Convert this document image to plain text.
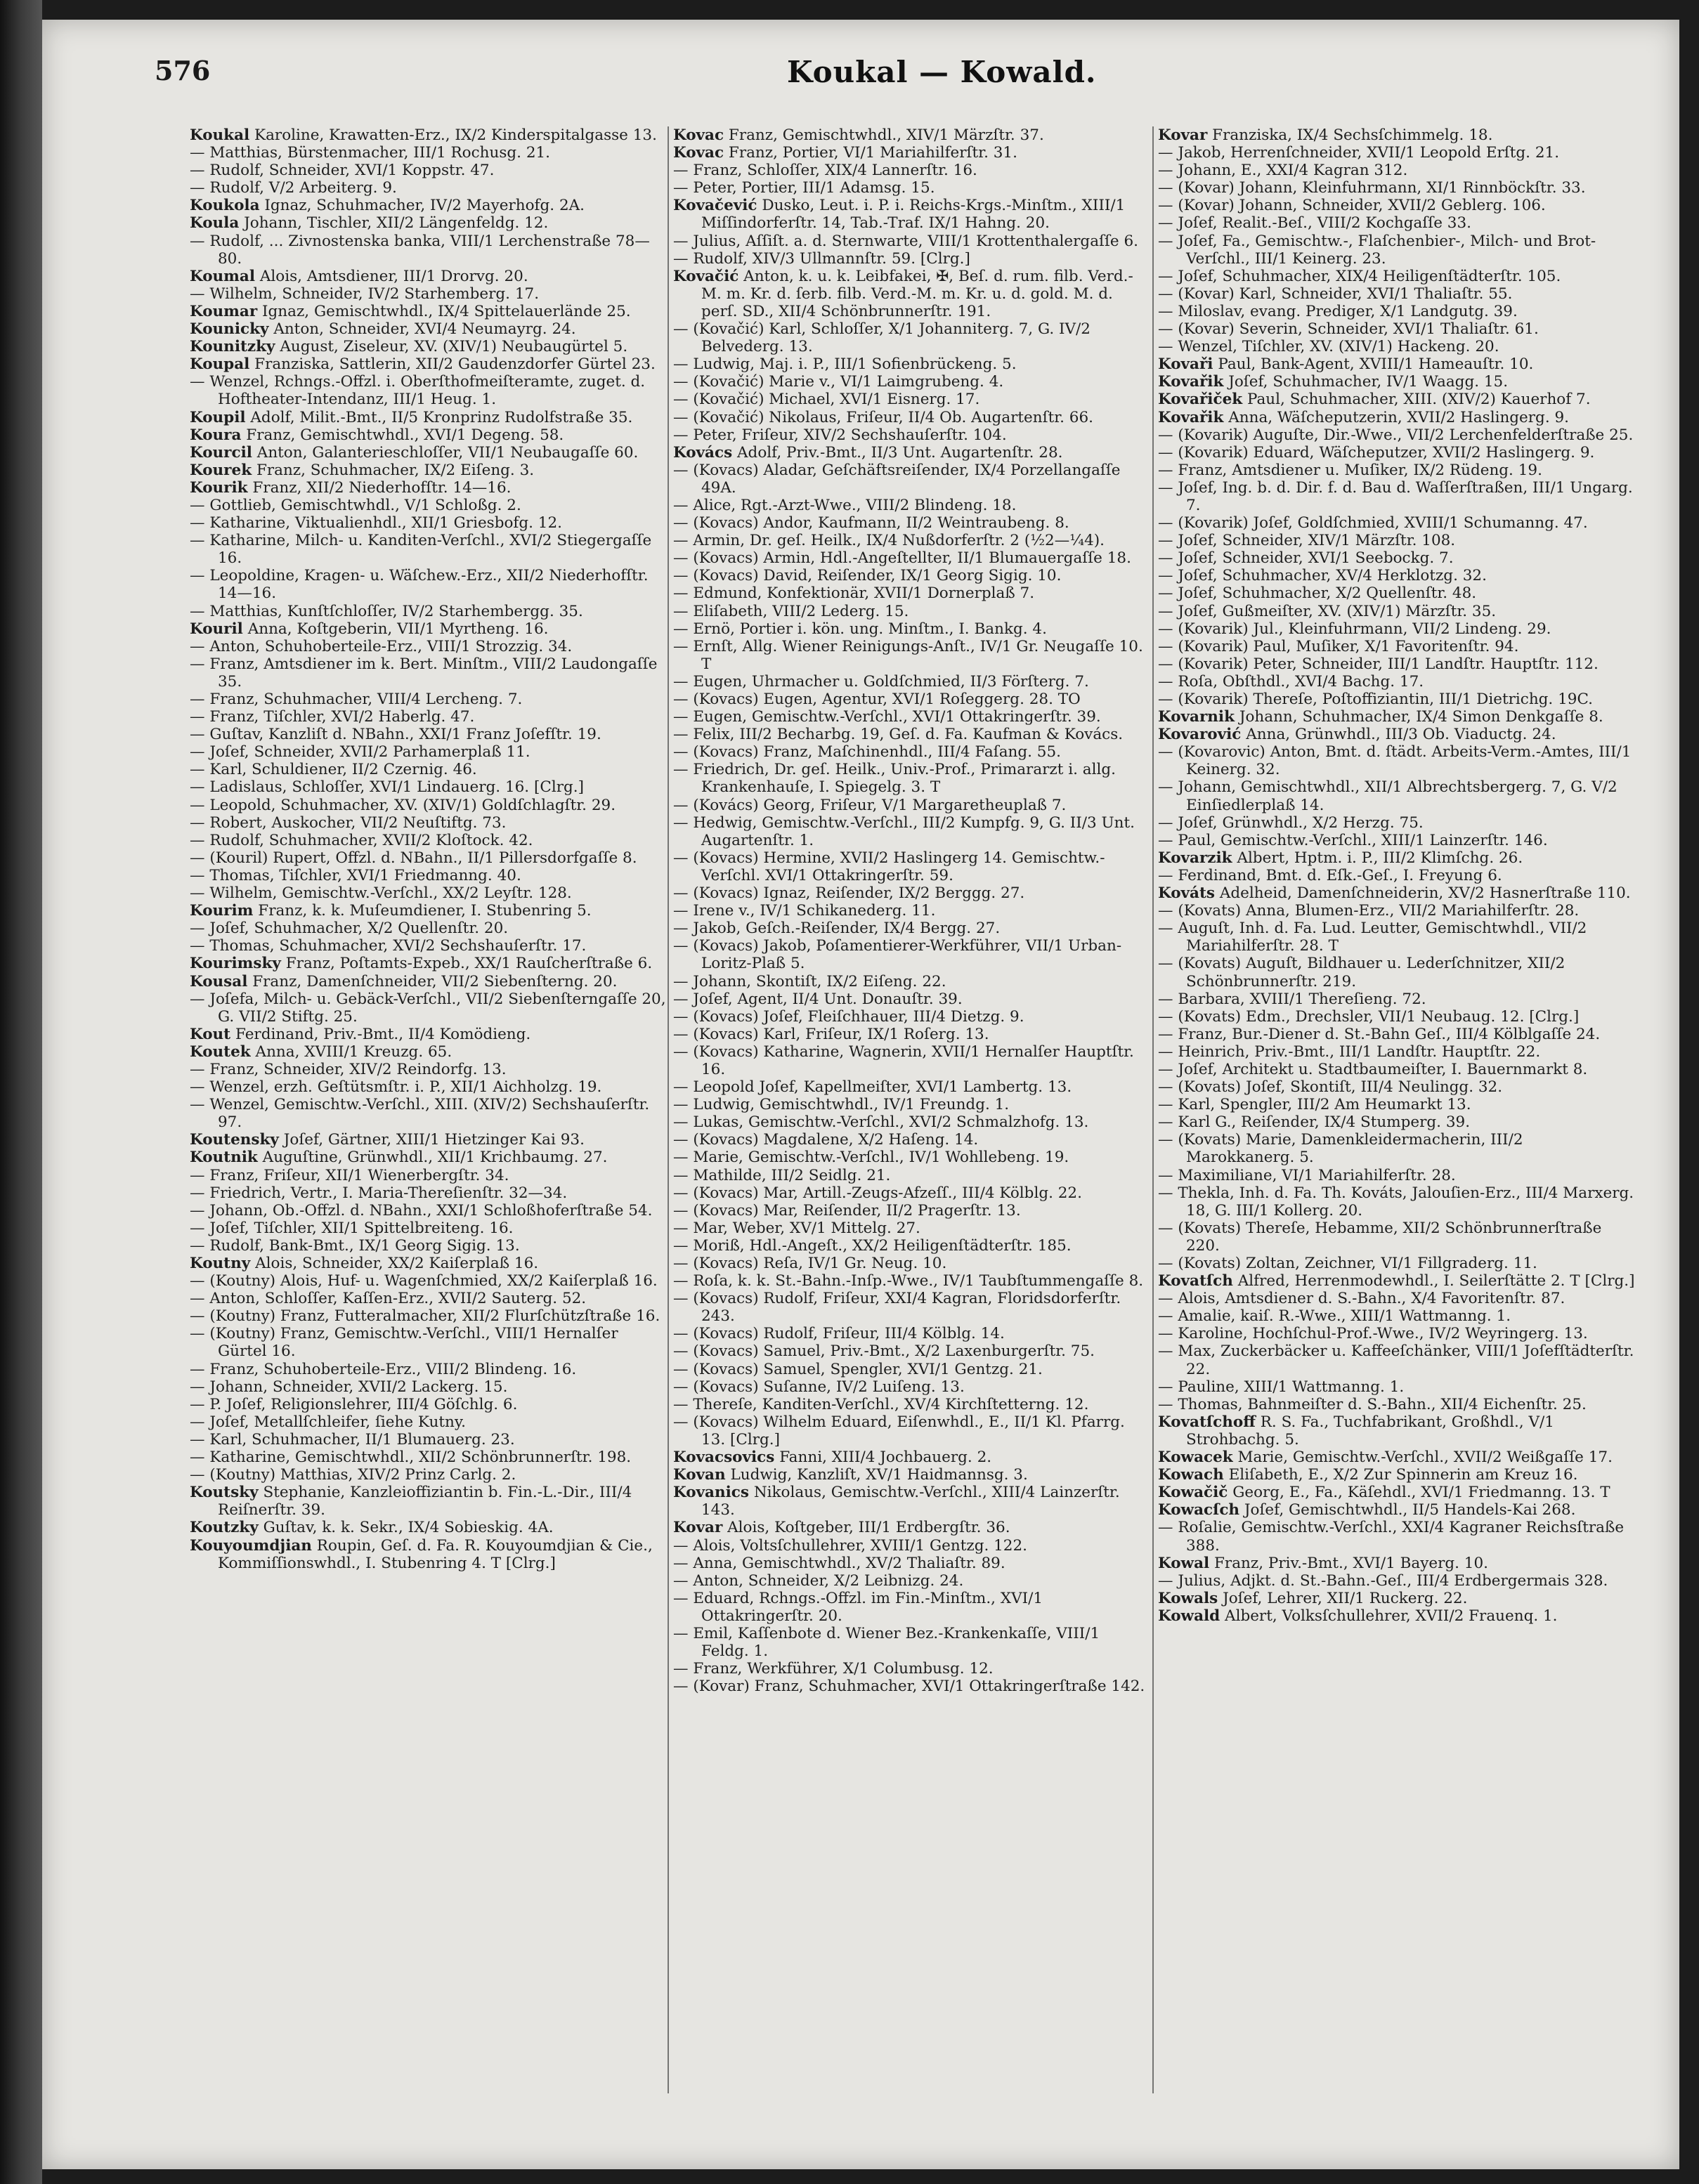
576	Koukal — Kowald.

Koukal Karoline, Krawatten-Erz., IX/2 Kinderspitalgasse 13.

— Matthias, Bürstenmacher, III/1 Rochusg. 21.

— Rudolf, Schneider, XVI/1 Koppstr. 47.

— Rudolf, V/2 Arbeiterg. 9.

Koukola Ignaz, Schuhmacher, IV/2 Mayerhofg. 2A.

Koula Johann, Tischler, XII/2 Längenfeldg. 12.

— Rudolf, ... Zivnostenska banka, VIII/1 Lerchenstraße 78—80.

Koumal Alois, Amtsdiener, III/1 Drorvg. 20.

— Wilhelm, Schneider, IV/2 Starhemberg. 17.

Koumar Ignaz, Gemischtwhdl., IX/4 Spittelauerlände 25.

Kounicky Anton, Schneider, XVI/4 Neumayrg. 24.

Kounitzky August, Ziseleur, XV. (XIV/1) Neubaugürtel 5.

Koupal Franziska, Sattlerin, XII/2 Gaudenzdorfer Gürtel 23.

— Wenzel, Rchngs.-Offzl. i. Oberſthofmeiſteramte, zuget. d. Hoftheater-Intendanz, III/1 Heug. 1.

Koupil Adolf, Milit.-Bmt., II/5 Kronprinz Rudolfstraße 35.

Koura Franz, Gemischtwhdl., XVI/1 Degeng. 58.

Kourcil Anton, Galanterieschloſſer, VII/1 Neubaugaſſe 60.

Kourek Franz, Schuhmacher, IX/2 Eiſeng. 3.

Kourik Franz, XII/2 Niederhofſtr. 14—16.

— Gottlieb, Gemischtwhdl., V/1 Schloßg. 2.

— Katharine, Viktualienhdl., XII/1 Griesbofg. 12.

— Katharine, Milch- u. Kanditen-Verſchl., XVI/2 Stiegergaſſe 16.

— Leopoldine, Kragen- u. Wäſchew.-Erz., XII/2 Niederhofſtr. 14—16.

— Matthias, Kunſtſchloſſer, IV/2 Starhembergg. 35.

Kouril Anna, Koſtgeberin, VII/1 Myrtheng. 16.

— Anton, Schuhoberteile-Erz., VIII/1 Strozzig. 34.

— Franz, Amtsdiener im k. Bert. Minſtm., VIII/2 Laudongaſſe 35.

— Franz, Schuhmacher, VIII/4 Lercheng. 7.

— Franz, Tiſchler, XVI/2 Haberlg. 47.

— Guſtav, Kanzliſt d. NBahn., XXI/1 Franz Joſefſtr. 19.

— Joſef, Schneider, XVII/2 Parhamerplaß 11.

— Karl, Schuldiener, II/2 Czernig. 46.

— Ladislaus, Schloſſer, XVI/1 Lindauerg. 16. [Clrg.]

— Leopold, Schuhmacher, XV. (XIV/1) Goldſchlagſtr. 29.

— Robert, Auskocher, VII/2 Neuſtiftg. 73.

— Rudolf, Schuhmacher, XVII/2 Kloſtock. 42.

— (Kouril) Rupert, Offzl. d. NBahn., II/1 Pillersdorfgaſſe 8.

— Thomas, Tiſchler, XVI/1 Friedmanng. 40.

— Wilhelm, Gemischtw.-Verſchl., XX/2 Leyſtr. 128.

Kourim Franz, k. k. Muſeumdiener, I. Stubenring 5.

— Joſef, Schuhmacher, X/2 Quellenſtr. 20.

— Thomas, Schuhmacher, XVI/2 Sechshauſerſtr. 17.

Kourimsky Franz, Poſtamts-Expeb., XX/1 Rauſcherſtraße 6.

Kousal Franz, Damenſchneider, VII/2 Siebenſterng. 20.

— Joſefa, Milch- u. Gebäck-Verſchl., VII/2 Siebenſterngaſſe 20, G. VII/2 Stiftg. 25.

Kout Ferdinand, Priv.-Bmt., II/4 Komödieng.

Koutek Anna, XVIII/1 Kreuzg. 65.

— Franz, Schneider, XIV/2 Reindorfg. 13.

— Wenzel, erzh. Geſtütsmſtr. i. P., XII/1 Aichholzg. 19.

— Wenzel, Gemischtw.-Verſchl., XIII. (XIV/2) Sechshauſerſtr. 97.

Koutensky Joſef, Gärtner, XIII/1 Hietzinger Kai 93.

Koutnik Auguſtine, Grünwhdl., XII/1 Krichbaumg. 27.

— Franz, Friſeur, XII/1 Wienerbergſtr. 34.

— Friedrich, Vertr., I. Maria-Thereſienſtr. 32—34.

— Johann, Ob.-Offzl. d. NBahn., XXI/1 Schloßhoferſtraße 54.

— Joſef, Tiſchler, XII/1 Spittelbreiteng. 16.

— Rudolf, Bank-Bmt., IX/1 Georg Sigig. 13.

Koutny Alois, Schneider, XX/2 Kaiſerplaß 16.

— (Koutny) Alois, Huf- u. Wagenſchmied, XX/2 Kaiſerplaß 16.

— Anton, Schloſſer, Kaſſen-Erz., XVII/2 Sauterg. 52.

— (Koutny) Franz, Futteralmacher, XII/2 Flurſchützſtraße 16.

— (Koutny) Franz, Gemischtw.-Verſchl., VIII/1 Hernalſer Gürtel 16.

— Franz, Schuhoberteile-Erz., VIII/2 Blindeng. 16.

— Johann, Schneider, XVII/2 Lackerg. 15.

— P. Joſef, Religionslehrer, III/4 Göſchlg. 6.

— Joſef, Metallſchleifer, ſiehe Kutny.

— Karl, Schuhmacher, II/1 Blumauerg. 23.

— Katharine, Gemischtwhdl., XII/2 Schönbrunnerſtr. 198.

— (Koutny) Matthias, XIV/2 Prinz Carlg. 2.

Koutsky Stephanie, Kanzleioffiziantin b. Fin.-L.-Dir., III/4 Reiſnerſtr. 39.

Koutzky Guſtav, k. k. Sekr., IX/4 Sobieskig. 4A.

Kouyoumdjian Roupin, Geſ. d. Fa. R. Kouyoumdjian & Cie., Kommiſſionswhdl., I. Stubenring 4. T [Clrg.]

Kovac Franz, Gemischtwhdl., XIV/1 Märzſtr. 37.

Kovac Franz, Portier, VI/1 Mariahilferſtr. 31.

— Franz, Schloſſer, XIX/4 Lannerſtr. 16.

— Peter, Portier, III/1 Adamsg. 15.

Kovačević Dusko, Leut. i. P. i. Reichs-Krgs.-Minſtm., XIII/1 Miſſindorferſtr. 14, Tab.-Traf. IX/1 Hahng. 20.

— Julius, Aſſiſt. a. d. Sternwarte, VIII/1 Krottenthalergaſſe 6.

— Rudolf, XIV/3 Ullmannſtr. 59. [Clrg.]

Kovačić Anton, k. u. k. Leibfakei, ✠, Beſ. d. rum. filb. Verd.-M. m. Kr. d. ſerb. filb. Verd.-M. m. Kr. u. d. gold. M. d. perſ. SD., XII/4 Schönbrunnerſtr. 191.

— (Kovačić) Karl, Schloſſer, X/1 Johanniterg. 7, G. IV/2 Belvederg. 13.

— Ludwig, Maj. i. P., III/1 Sofienbrückeng. 5.

— (Kovačić) Marie v., VI/1 Laimgrubeng. 4.

— (Kovačić) Michael, XVI/1 Eisnerg. 17.

— (Kovačić) Nikolaus, Friſeur, II/4 Ob. Augartenſtr. 66.

— Peter, Friſeur, XIV/2 Sechshauſerſtr. 104.

Kovács Adolf, Priv.-Bmt., II/3 Unt. Augartenſtr. 28.

— (Kovacs) Aladar, Geſchäftsreiſender, IX/4 Porzellangaſſe 49A.

— Alice, Rgt.-Arzt-Wwe., VIII/2 Blindeng. 18.

— (Kovacs) Andor, Kaufmann, II/2 Weintraubeng. 8.

— Armin, Dr. geſ. Heilk., IX/4 Nußdorferſtr. 2 (½2—¼4).

— (Kovacs) Armin, Hdl.-Angeſtellter, II/1 Blumauergaſſe 18.

— (Kovacs) David, Reiſender, IX/1 Georg Sigig. 10.

— Edmund, Konfektionär, XVII/1 Dornerplaß 7.

— Eliſabeth, VIII/2 Lederg. 15.

— Ernö, Portier i. kön. ung. Minſtm., I. Bankg. 4.

— Ernſt, Allg. Wiener Reinigungs-Anſt., IV/1 Gr. Neugaſſe 10. T

— Eugen, Uhrmacher u. Goldſchmied, II/3 Förſterg. 7.

— (Kovacs) Eugen, Agentur, XVI/1 Roſeggerg. 28. TO

— Eugen, Gemischtw.-Verſchl., XVI/1 Ottakringerſtr. 39.

— Felix, III/2 Becharbg. 19, Geſ. d. Fa. Kaufman & Kovács.

— (Kovacs) Franz, Maſchinenhdl., III/4 Faſang. 55.

— Friedrich, Dr. geſ. Heilk., Univ.-Prof., Primararzt i. allg. Krankenhauſe, I. Spiegelg. 3. T

— (Kovács) Georg, Friſeur, V/1 Margaretheuplaß 7.

— Hedwig, Gemischtw.-Verſchl., III/2 Kumpfg. 9, G. II/3 Unt. Augartenſtr. 1.

— (Kovacs) Hermine, XVII/2 Haslingerg 14. Gemischtw.-Verſchl. XVI/1 Ottakringerſtr. 59.

— (Kovacs) Ignaz, Reiſender, IX/2 Berggg. 27.

— Irene v., IV/1 Schikanederg. 11.

— Jakob, Geſch.-Reiſender, IX/4 Bergg. 27.

— (Kovacs) Jakob, Poſamentierer-Werkführer, VII/1 Urban-Loritz-Plaß 5.

— Johann, Skontiſt, IX/2 Eiſeng. 22.

— Joſef, Agent, II/4 Unt. Donauſtr. 39.

— (Kovacs) Joſef, Fleiſchhauer, III/4 Dietzg. 9.

— (Kovacs) Karl, Friſeur, IX/1 Roſerg. 13.

— (Kovacs) Katharine, Wagnerin, XVII/1 Hernalſer Hauptſtr. 16.

— Leopold Joſef, Kapellmeiſter, XVI/1 Lambertg. 13.

— Ludwig, Gemischtwhdl., IV/1 Freundg. 1.

— Lukas, Gemischtw.-Verſchl., XVI/2 Schmalzhofg. 13.

— (Kovacs) Magdalene, X/2 Haſeng. 14.

— Marie, Gemischtw.-Verſchl., IV/1 Wohllebeng. 19.

— Mathilde, III/2 Seidlg. 21.

— (Kovacs) Mar, Artill.-Zeugs-Afzeſſ., III/4 Kölblg. 22.

— (Kovacs) Mar, Reiſender, II/2 Pragerſtr. 13.

— Mar, Weber, XV/1 Mittelg. 27.

— Moriß, Hdl.-Angeſt., XX/2 Heiligenſtädterſtr. 185.

— (Kovacs) Reſa, IV/1 Gr. Neug. 10.

— Roſa, k. k. St.-Bahn.-Inſp.-Wwe., IV/1 Taubſtummengaſſe 8.

— (Kovacs) Rudolf, Friſeur, XXI/4 Kagran, Floridsdorferſtr. 243.

— (Kovacs) Rudolf, Friſeur, III/4 Kölblg. 14.

— (Kovacs) Samuel, Priv.-Bmt., X/2 Laxenburgerſtr. 75.

— (Kovacs) Samuel, Spengler, XVI/1 Gentzg. 21.

— (Kovacs) Suſanne, IV/2 Luiſeng. 13.

— Thereſe, Kanditen-Verſchl., XV/4 Kirchſtetterng. 12.

— (Kovacs) Wilhelm Eduard, Eiſenwhdl., E., II/1 Kl. Pfarrg. 13. [Clrg.]

Kovacsovics Fanni, XIII/4 Jochbauerg. 2.

Kovan Ludwig, Kanzliſt, XV/1 Haidmannsg. 3.

Kovanics Nikolaus, Gemischtw.-Verſchl., XIII/4 Lainzerſtr. 143.

Kovar Alois, Koſtgeber, III/1 Erdbergſtr. 36.

— Alois, Voltsſchullehrer, XVIII/1 Gentzg. 122.

— Anna, Gemischtwhdl., XV/2 Thaliaſtr. 89.

— Anton, Schneider, X/2 Leibnizg. 24.

— Eduard, Rchngs.-Offzl. im Fin.-Minſtm., XVI/1 Ottakringerſtr. 20.

— Emil, Kaſſenbote d. Wiener Bez.-Krankenkaſſe, VIII/1 Feldg. 1.

— Franz, Werkführer, X/1 Columbusg. 12.

— (Kovar) Franz, Schuhmacher, XVI/1 Ottakringerſtraße 142.

Kovar Franziska, IX/4 Sechsſchimmelg. 18.

— Jakob, Herrenſchneider, XVII/1 Leopold Erſtg. 21.

— Johann, E., XXI/4 Kagran 312.

— (Kovar) Johann, Kleinfuhrmann, XI/1 Rinnböckſtr. 33.

— (Kovar) Johann, Schneider, XVII/2 Geblerg. 106.

— Joſef, Realit.-Beſ., VIII/2 Kochgaſſe 33.

— Joſef, Fa., Gemischtw.-, Flaſchenbier-, Milch- und Brot-Verſchl., III/1 Keinerg. 23.

— Joſef, Schuhmacher, XIX/4 Heiligenſtädterſtr. 105.

— (Kovar) Karl, Schneider, XVI/1 Thaliaſtr. 55.

— Miloslav, evang. Prediger, X/1 Landgutg. 39.

— (Kovar) Severin, Schneider, XVI/1 Thaliaſtr. 61.

— Wenzel, Tiſchler, XV. (XIV/1) Hackeng. 20.

Kovaři Paul, Bank-Agent, XVIII/1 Hameauſtr. 10.

Kovařik Joſef, Schuhmacher, IV/1 Waagg. 15.

Kovařiček Paul, Schuhmacher, XIII. (XIV/2) Kauerhof 7.

Kovařik Anna, Wäſcheputzerin, XVII/2 Haslingerg. 9.

— (Kovarik) Auguſte, Dir.-Wwe., VII/2 Lerchenfelderſtraße 25.

— (Kovarik) Eduard, Wäſcheputzer, XVII/2 Haslingerg. 9.

— Franz, Amtsdiener u. Muſiker, IX/2 Rüdeng. 19.

— Joſef, Ing. b. d. Dir. f. d. Bau d. Waſſerſtraßen, III/1 Ungarg. 7.

— (Kovarik) Joſef, Goldſchmied, XVIII/1 Schumanng. 47.

— Joſef, Schneider, XIV/1 Märzſtr. 108.

— Joſef, Schneider, XVI/1 Seebockg. 7.

— Joſef, Schuhmacher, XV/4 Herklotzg. 32.

— Joſef, Schuhmacher, X/2 Quellenſtr. 48.

— Joſef, Gußmeiſter, XV. (XIV/1) Märzſtr. 35.

— (Kovarik) Jul., Kleinfuhrmann, VII/2 Lindeng. 29.

— (Kovarik) Paul, Muſiker, X/1 Favoritenſtr. 94.

— (Kovarik) Peter, Schneider, III/1 Landſtr. Hauptſtr. 112.

— Roſa, Obſthdl., XVI/4 Bachg. 17.

— (Kovarik) Thereſe, Poſtoffiziantin, III/1 Dietrichg. 19C.

Kovarnik Johann, Schuhmacher, IX/4 Simon Denkgaſſe 8.

Kovarović Anna, Grünwhdl., III/3 Ob. Viaductg. 24.

— (Kovarovic) Anton, Bmt. d. ſtädt. Arbeits-Verm.-Amtes, III/1 Keinerg. 32.

— Johann, Gemischtwhdl., XII/1 Albrechtsbergerg. 7, G. V/2 Einſiedlerplaß 14.

— Joſef, Grünwhdl., X/2 Herzg. 75.

— Paul, Gemischtw.-Verſchl., XIII/1 Lainzerſtr. 146.

Kovarzik Albert, Hptm. i. P., III/2 Klimſchg. 26.

— Ferdinand, Bmt. d. Eſk.-Geſ., I. Freyung 6.

Kováts Adelheid, Damenſchneiderin, XV/2 Hasnerſtraße 110.

— (Kovats) Anna, Blumen-Erz., VII/2 Mariahilferſtr. 28.

— Auguſt, Inh. d. Fa. Lud. Leutter, Gemischtwhdl., VII/2 Mariahilferſtr. 28. T

— (Kovats) Auguſt, Bildhauer u. Lederſchnitzer, XII/2 Schönbrunnerſtr. 219.

— Barbara, XVIII/1 Thereſieng. 72.

— (Kovats) Edm., Drechsler, VII/1 Neubaug. 12. [Clrg.]

— Franz, Bur.-Diener d. St.-Bahn Geſ., III/4 Kölblgaſſe 24.

— Heinrich, Priv.-Bmt., III/1 Landſtr. Hauptſtr. 22.

— Joſef, Architekt u. Stadtbaumeiſter, I. Bauernmarkt 8.

— (Kovats) Joſef, Skontiſt, III/4 Neulingg. 32.

— Karl, Spengler, III/2 Am Heumarkt 13.

— Karl G., Reiſender, IX/4 Stumperg. 39.

— (Kovats) Marie, Damenkleidermacherin, III/2 Marokkanerg. 5.

— Maximiliane, VI/1 Mariahilferſtr. 28.

— Thekla, Inh. d. Fa. Th. Kováts, Jalouſien-Erz., III/4 Marxerg. 18, G. III/1 Kollerg. 20.

— (Kovats) Thereſe, Hebamme, XII/2 Schönbrunnerſtraße 220.

— (Kovats) Zoltan, Zeichner, VI/1 Fillgraderg. 11.

Kovatſch Alfred, Herrenmodewhdl., I. Seilerſtätte 2. T [Clrg.]

— Alois, Amtsdiener d. S.-Bahn., X/4 Favoritenſtr. 87.

— Amalie, kaiſ. R.-Wwe., XIII/1 Wattmanng. 1.

— Karoline, Hochſchul-Prof.-Wwe., IV/2 Weyringerg. 13.

— Max, Zuckerbäcker u. Kaffeeſchänker, VIII/1 Joſefſtädterſtr. 22.

— Pauline, XIII/1 Wattmanng. 1.

— Thomas, Bahnmeiſter d. S.-Bahn., XII/4 Eichenſtr. 25.

Kovatſchoff R. S. Fa., Tuchfabrikant, Großhdl., V/1 Strohbachg. 5.

Kowacek Marie, Gemischtw.-Verſchl., XVII/2 Weißgaſſe 17.

Kowach Eliſabeth, E., X/2 Zur Spinnerin am Kreuz 16.

Kowačič Georg, E., Fa., Käſehdl., XVI/1 Friedmanng. 13. T

Kowacſch Joſef, Gemischtwhdl., II/5 Handels-Kai 268.

— Roſalie, Gemischtw.-Verſchl., XXI/4 Kagraner Reichsſtraße 388.

Kowal Franz, Priv.-Bmt., XVI/1 Bayerg. 10.

— Julius, Adjkt. d. St.-Bahn.-Geſ., III/4 Erdbergermais 328.

Kowals Joſef, Lehrer, XII/1 Ruckerg. 22.

Kowald Albert, Volksſchullehrer, XVII/2 Frauenq. 1.
